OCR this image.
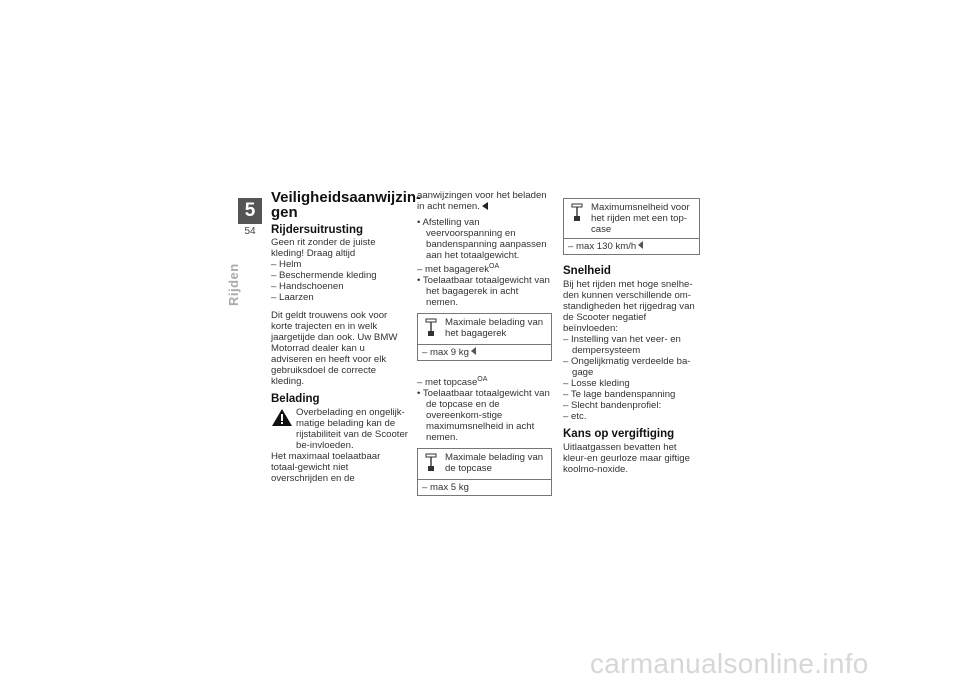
5
54
Rijden
Veiligheidsaanwijzin-gen
Rijdersuitrusting

Geen rit zonder de juiste kleding! Draag altijd

– Helm

– Beschermende kleding

– Handschoenen

– Laarzen

Dit geldt trouwens ook voor korte trajecten en in welk jaargetijde dan ook. Uw BMW Motorrad dealer kan u adviseren en heeft voor elk gebruiksdoel de correcte kleding.

Belading
Overbelading en ongelijk-matige belading kan de rijstabiliteit van de Scooter be-invloeden.

Het maximaal toelaatbaar totaal-gewicht niet overschrijden en de

aanwijzingen voor het beladen in acht nemen.

• Afstelling van veervoorspanning en bandenspanning aanpassen aan het totaalgewicht.

– met bagagerek$^{OA}$

• Toelaatbaar totaalgewicht van het bagagerek in acht nemen.

Maximale belading van het bagagerek
– max 9 kg

– met topcase$^{OA}$

• Toelaatbaar totaalgewicht van de topcase en de overeenkom-stige maximumsnelheid in acht nemen.

Maximale belading van de topcase
– max 5 kg
Maximumsnelheid voor het rijden met een top-case
– max 130 km/h
Snelheid

Bij het rijden met hoge snelhe-den kunnen verschillende om-standigheden het rijgedrag van de Scooter negatief beïnvloeden:

– Instelling van het veer- en dempersysteem

– Ongelijkmatig verdeelde ba-gage

– Losse kleding

– Te lage bandenspanning

– Slecht bandenprofiel:

– etc.

Kans op vergiftiging

Uitlaatgassen bevatten het kleur-en geurloze maar giftige koolmo-noxide.

carmanualsonline.info
